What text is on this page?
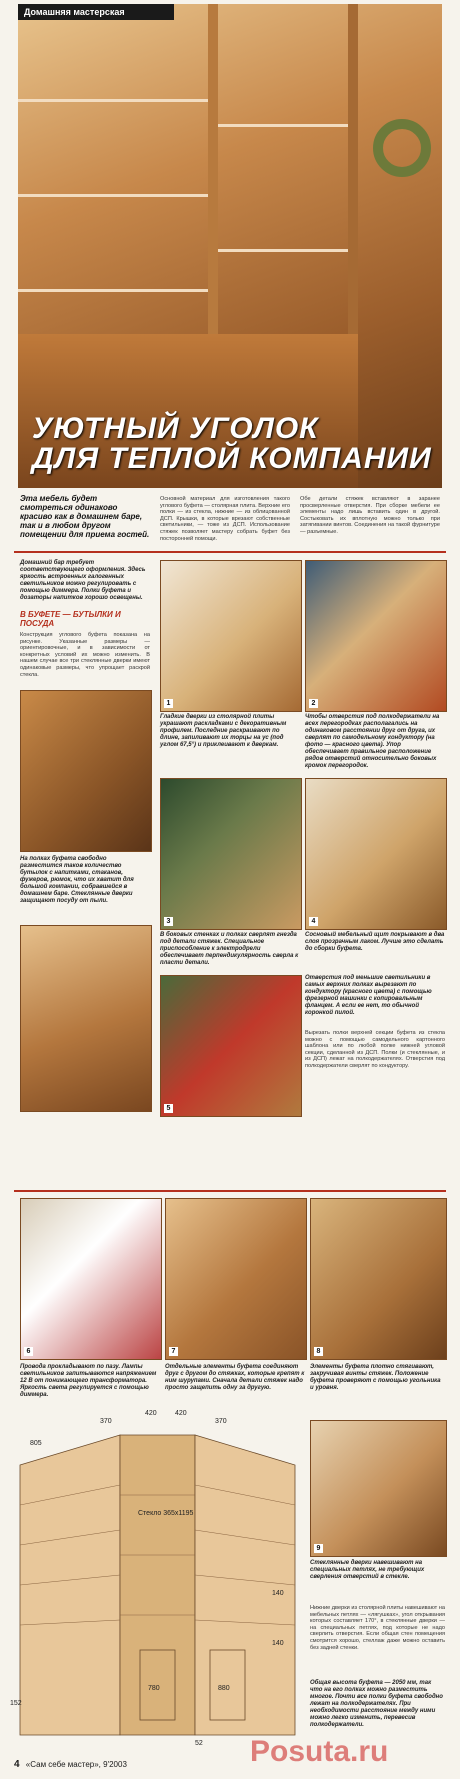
Домашняя мастерская
УЮТНЫЙ УГОЛОК
ДЛЯ ТЕПЛОЙ КОМПАНИИ
Эта мебель будет смотреться одинаково красиво как в домашнем баре, так и в любом другом помещении для приема гостей.
Основной материал для изготовления такого углового буфета — столярная плита. Верхние его полки — из стекла, нижние — из облицованной ДСП. Крышки, в которые врезают собственные светильники, — тоже из ДСП. Использование стяжек позволяет мастеру собрать буфет без посторонней помощи.
Обе детали стяжек вставляют в заранее просверленные отверстия. При сборке мебели ее элементы надо лишь вставить один в другой. Состыковать их вплотную можно только при затягивании винтов. Соединения на такой фурнитуре — разъемные.
Домашний бар требует соответствующего оформления. Здесь яркость встроенных галогенных светильников можно регулировать с помощью диммера. Полки буфета и дозаторы напитков хорошо освещены.
В БУФЕТЕ — БУТЫЛКИ И ПОСУДА
Конструкция углового буфета показана на рисунке. Указанные размеры — ориентировочные, и в зависимости от конкретных условий их можно изменить. В нашем случае все три стеклянные дверки имеют одинаковые размеры, что упрощает раскрой стекла.
На полках буфета свободно разместится таков количество бутылок с напитками, стаканов, фужеров, рюмок, что их хватит для большой компании, собравшейся в домашнем баре. Стеклянные дверки защищают посуду от пыли.
1
Гладкие дверки из столярной плиты украшают раскладками с декоративным профилем. Последние раскраивают по длине, запиливают их торцы на ус (под углом 67,5°) и приклеивают к дверкам.
2
Чтобы отверстия под полкодержатели на всех перегородках располагались на одинаковом расстоянии друг от друга, их сверлят по самодельному кондуктору (на фото — красного цвета). Упор обеспечивает правильное расположение рядов отверстий относительно боковых кромок перегородок.
3
В боковых стенках и полках сверлят гнезда под детали стяжек. Специальное приспособление к электродрели обеспечивает перпендикулярность сверла к пласти детали.
4
Сосновый мебельный щит покрывают в два слоя прозрачным лаком. Лучше это сделать до сборки буфета.
5
Отверстия под меньшие светильники в самых верхних полках вырезают по кондуктору (красного цвета) с помощью фрезерной машинки с копировальным фланцем. А если ее нет, то обычной коронкой пилой.
Вырезать полки верхней секции буфета из стекла можно с помощью самодельного картонного шаблона или по любой полке нижней угловой секции, сделанной из ДСП. Полки (и стеклянные, и из ДСП) лежат на полкодержателях. Отверстия под полкодержатели сверлят по кондуктору.
6
Провода прокладывают по пазу. Лампы светильников запитываются напряжением 12 В от понижающего трансформатора. Яркость света регулируется с помощью диммера.
7
Отдельные элементы буфета соединяют друг с другом до стяжках, которые крепят к ним шурупами. Сначала детали стяжек надо просто защепить одну за другую.
8
Элементы буфета плотно стягивают, закручивая винты стяжек. Положение буфета проверяют с помощью угольника и уровня.
805
370
420	420
370
152
140
140
780	880
52
Стекло 365х1195
9
Стеклянные дверки навешивают на специальных петлях, не требующих сверления отверстий в стекле.
Нижние дверки из столярной плиты навешивают на мебельных петлях — «лягушках», угол открывания которых составляет 170°, в стеклянные дверки — на специальных петлях, под которые не надо сверлить отверстия. Если общая стен помещения смотрится хорошо, стеллаж даже можно оставить без задней стенки.
Общая высота буфета — 2050 мм, так что на его полках можно разместить многое. Почти все полки буфета свободно лежат на полкодержателях. При необходимости расстояние между ними можно легко изменить, перевесив полкодержатели.
Posuta.ru
4 «Сам себе мастер», 9'2003
